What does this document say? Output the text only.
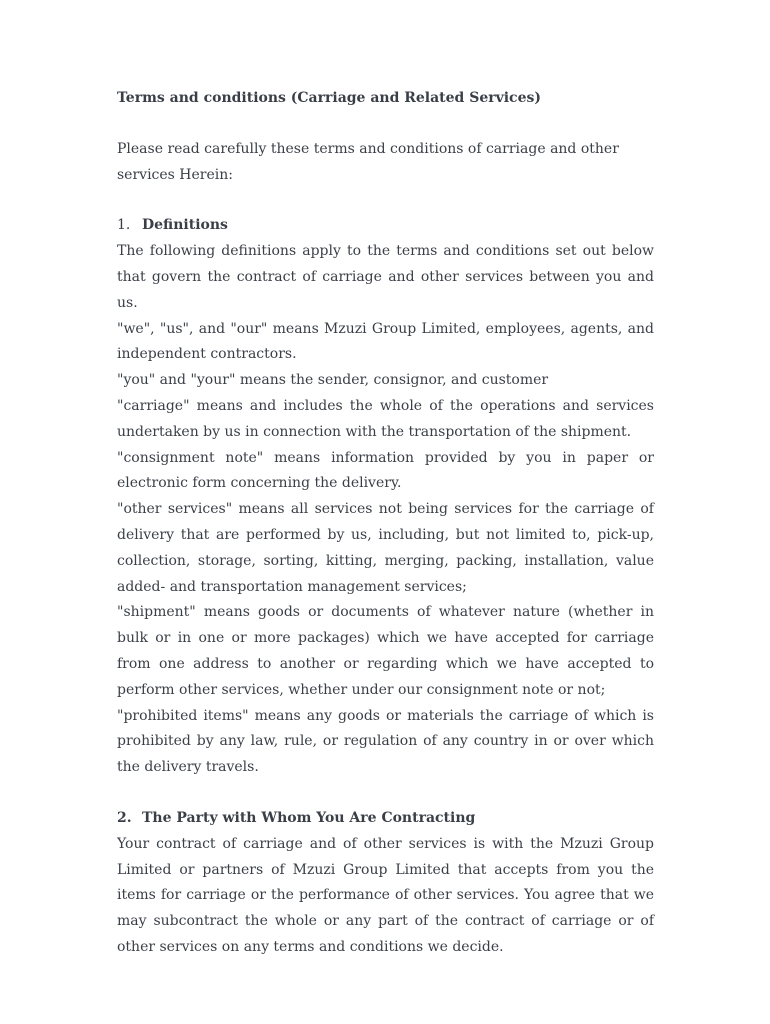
Terms and conditions (Carriage and Related Services)

Please read carefully these terms and conditions of carriage and other services Herein:

1. Definitions

The following definitions apply to the terms and conditions set out below that govern the contract of carriage and other services between you and us.

"we", "us", and "our" means Mzuzi Group Limited, employees, agents, and independent contractors.

"you" and "your" means the sender, consignor, and customer

"carriage" means and includes the whole of the operations and services undertaken by us in connection with the transportation of the shipment.

"consignment note" means information provided by you in paper or electronic form concerning the delivery.

"other services" means all services not being services for the carriage of delivery that are performed by us, including, but not limited to, pick-up, collection, storage, sorting, kitting, merging, packing, installation, value added- and transportation management services;

"shipment" means goods or documents of whatever nature (whether in bulk or in one or more packages) which we have accepted for carriage from one address to another or regarding which we have accepted to perform other services, whether under our consignment note or not;

"prohibited items" means any goods or materials the carriage of which is prohibited by any law, rule, or regulation of any country in or over which the delivery travels.

2. The Party with Whom You Are Contracting

Your contract of carriage and of other services is with the Mzuzi Group Limited or partners of Mzuzi Group Limited that accepts from you the items for carriage or the performance of other services. You agree that we may subcontract the whole or any part of the contract of carriage or of other services on any terms and conditions we decide.
